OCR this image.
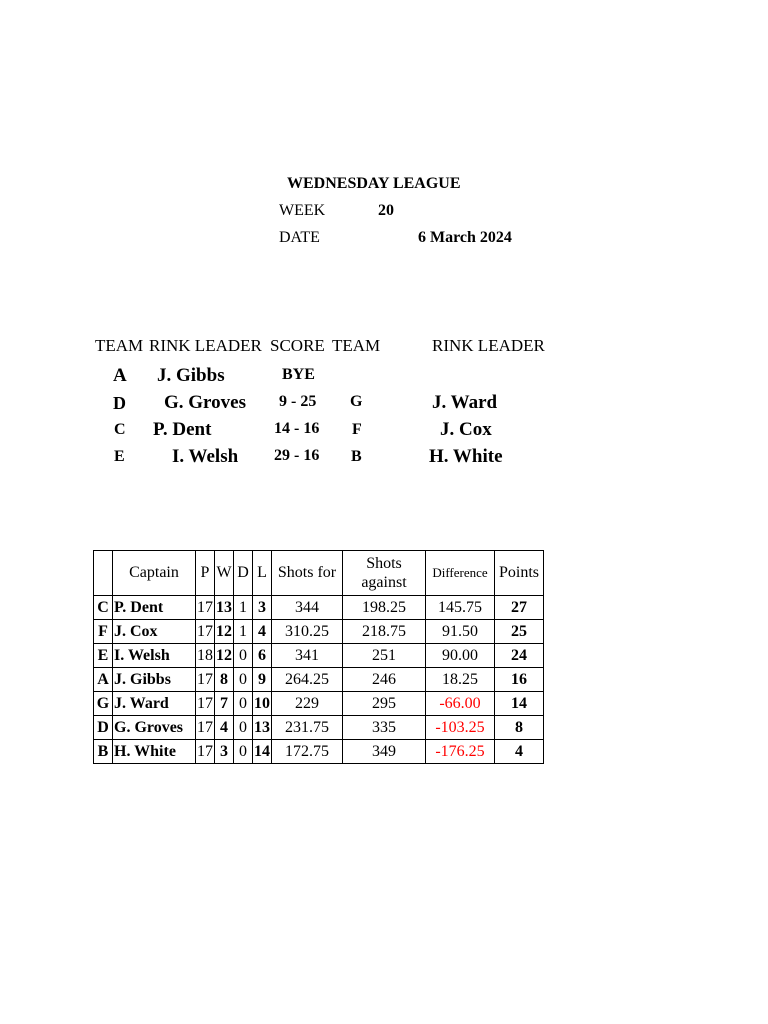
WEDNESDAY LEAGUE
WEEK	20
DATE	6 March 2024
TEAM RINK LEADER SCORE TEAM	RINK LEADER
A J. Gibbs	BYE
D G. Groves 9 - 25 G	J. Ward
C P. Dent	14 - 16 F	J. Cox
E I. Welsh 29 - 16 B	H. White
	Captain	P	W	D	L	Shots for	Shots against	Difference	Points
C	P. Dent	17	13	1	3	344	198.25	145.75	27
F	J. Cox	17	12	1	4	310.25	218.75	91.50	25
E	I. Welsh	18	12	0	6	341	251	90.00	24
A	J. Gibbs	17	8	0	9	264.25	246	18.25	16
G	J. Ward	17	7	0	10	229	295	-66.00	14
D	G. Groves	17	4	0	13	231.75	335	-103.25	8
B	H. White	17	3	0	14	172.75	349	-176.25	4
